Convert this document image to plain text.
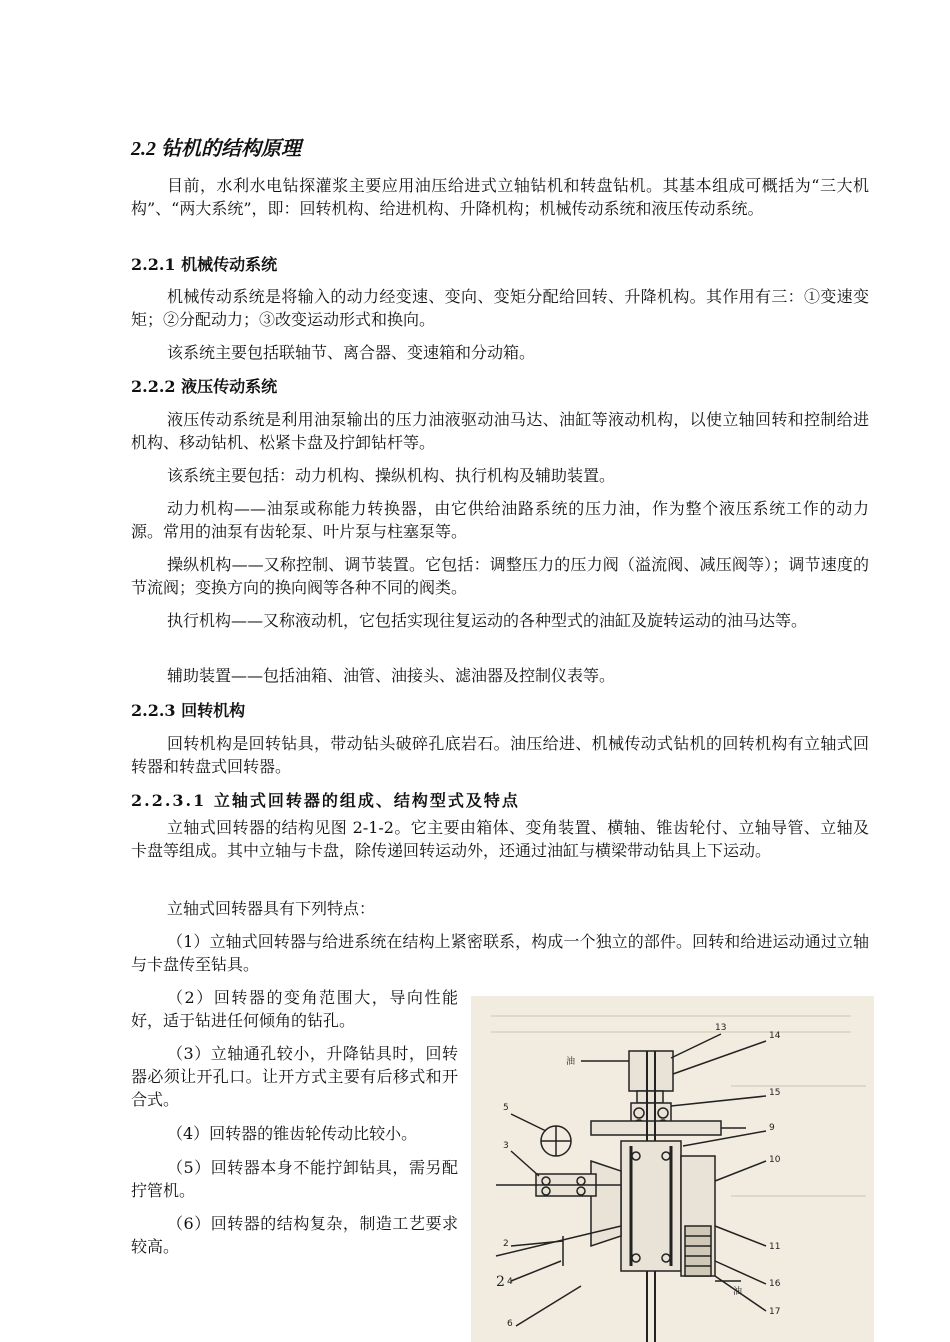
2.2 钻机的结构原理

目前，水利水电钻探灌浆主要应用油压给进式立轴钻机和转盘钻机。其基本组成可概括为“三大机构”、“两大系统”，即：回转机构、给进机构、升降机构；机械传动系统和液压传动系统。

2.2.1 机械传动系统

机械传动系统是将输入的动力经变速、变向、变矩分配给回转、升降机构。其作用有三：①变速变矩；②分配动力；③改变运动形式和换向。

该系统主要包括联轴节、离合器、变速箱和分动箱。

2.2.2 液压传动系统

液压传动系统是利用油泵输出的压力油液驱动油马达、油缸等液动机构，以使立轴回转和控制给进机构、移动钻机、松紧卡盘及拧卸钻杆等。

该系统主要包括：动力机构、操纵机构、执行机构及辅助装置。

动力机构——油泵或称能力转换器，由它供给油路系统的压力油，作为整个液压系统工作的动力源。常用的油泵有齿轮泵、叶片泵与柱塞泵等。

操纵机构——又称控制、调节装置。它包括：调整压力的压力阀（溢流阀、减压阀等）；调节速度的节流阀；变换方向的换向阀等各种不同的阀类。

执行机构——又称液动机，它包括实现往复运动的各种型式的油缸及旋转运动的油马达等。

辅助装置——包括油箱、油管、油接头、滤油器及控制仪表等。

2.2.3 回转机构

回转机构是回转钻具，带动钻头破碎孔底岩石。油压给进、机械传动式钻机的回转机构有立轴式回转器和转盘式回转器。

2.2.3.1 立轴式回转器的组成、结构型式及特点

立轴式回转器的结构见图 2-1-2。它主要由箱体、变角装置、横轴、锥齿轮付、立轴导管、立轴及卡盘等组成。其中立轴与卡盘，除传递回转运动外，还通过油缸与横梁带动钻具上下运动。

立轴式回转器具有下列特点：

（1）立轴式回转器与给进系统在结构上紧密联系，构成一个独立的部件。回转和给进运动通过立轴与卡盘传至钻具。

（2）回转器的变角范围大，导向性能好，适于钻进任何倾角的钻孔。

（3）立轴通孔较小，升降钻具时，回转器必须让开孔口。让开方式主要有后移式和开合式。

（4）回转器的锥齿轮传动比较小。

（5）回转器本身不能拧卸钻具，需另配拧管机。

（6）回转器的结构复杂，制造工艺要求较高。

13
14
15
9
10
11
16
17
5
3
2
4
6
油
油
2
